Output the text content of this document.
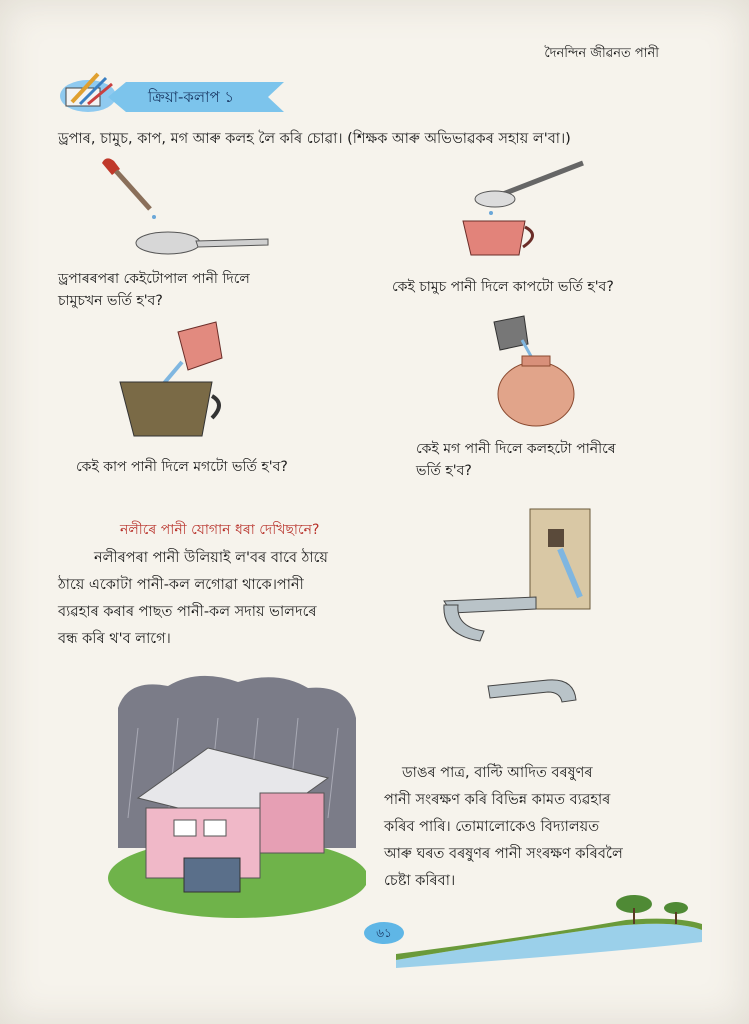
দৈনন্দিন জীৱনত পানী
ক্ৰিয়া-কলাপ ১
ড্ৰপাৰ, চামুচ, কাপ, মগ আৰু কলহ লৈ কৰি চোৱা। (শিক্ষক আৰু অভিভাৱকৰ সহায় ল'বা।)
ড্ৰপাৰৰপৰা কেইটোপাল পানী দিলে
চামুচখন ভৰ্তি হ'ব?
কেই চামুচ পানী দিলে কাপটো ভৰ্তি হ'ব?
কেই কাপ পানী দিলে মগটো ভৰ্তি হ'ব?
কেই মগ পানী দিলে কলহটো পানীৰে
ভৰ্তি হ'ব?
নলীৰে পানী যোগান ধৰা দেখিছানে?
নলীৰপৰা পানী উলিয়াই ল'বৰ বাবে ঠায়ে
ঠায়ে একোটা পানী-কল লগোৱা থাকে।পানী
ব্যৱহাৰ কৰাৰ পাছত পানী-কল সদায় ভালদৰে
বন্ধ কৰি থ'ব লাগে।
ডাঙৰ পাত্ৰ, বাল্টি আদিত বৰষুণৰ
পানী সংৰক্ষণ কৰি বিভিন্ন কামত ব্যৱহাৰ
কৰিব পাৰি। তোমালোকেও বিদ্যালয়ত
আৰু ঘৰত বৰষুণৰ পানী সংৰক্ষণ কৰিবলৈ
চেষ্টা কৰিবা।
৬১
